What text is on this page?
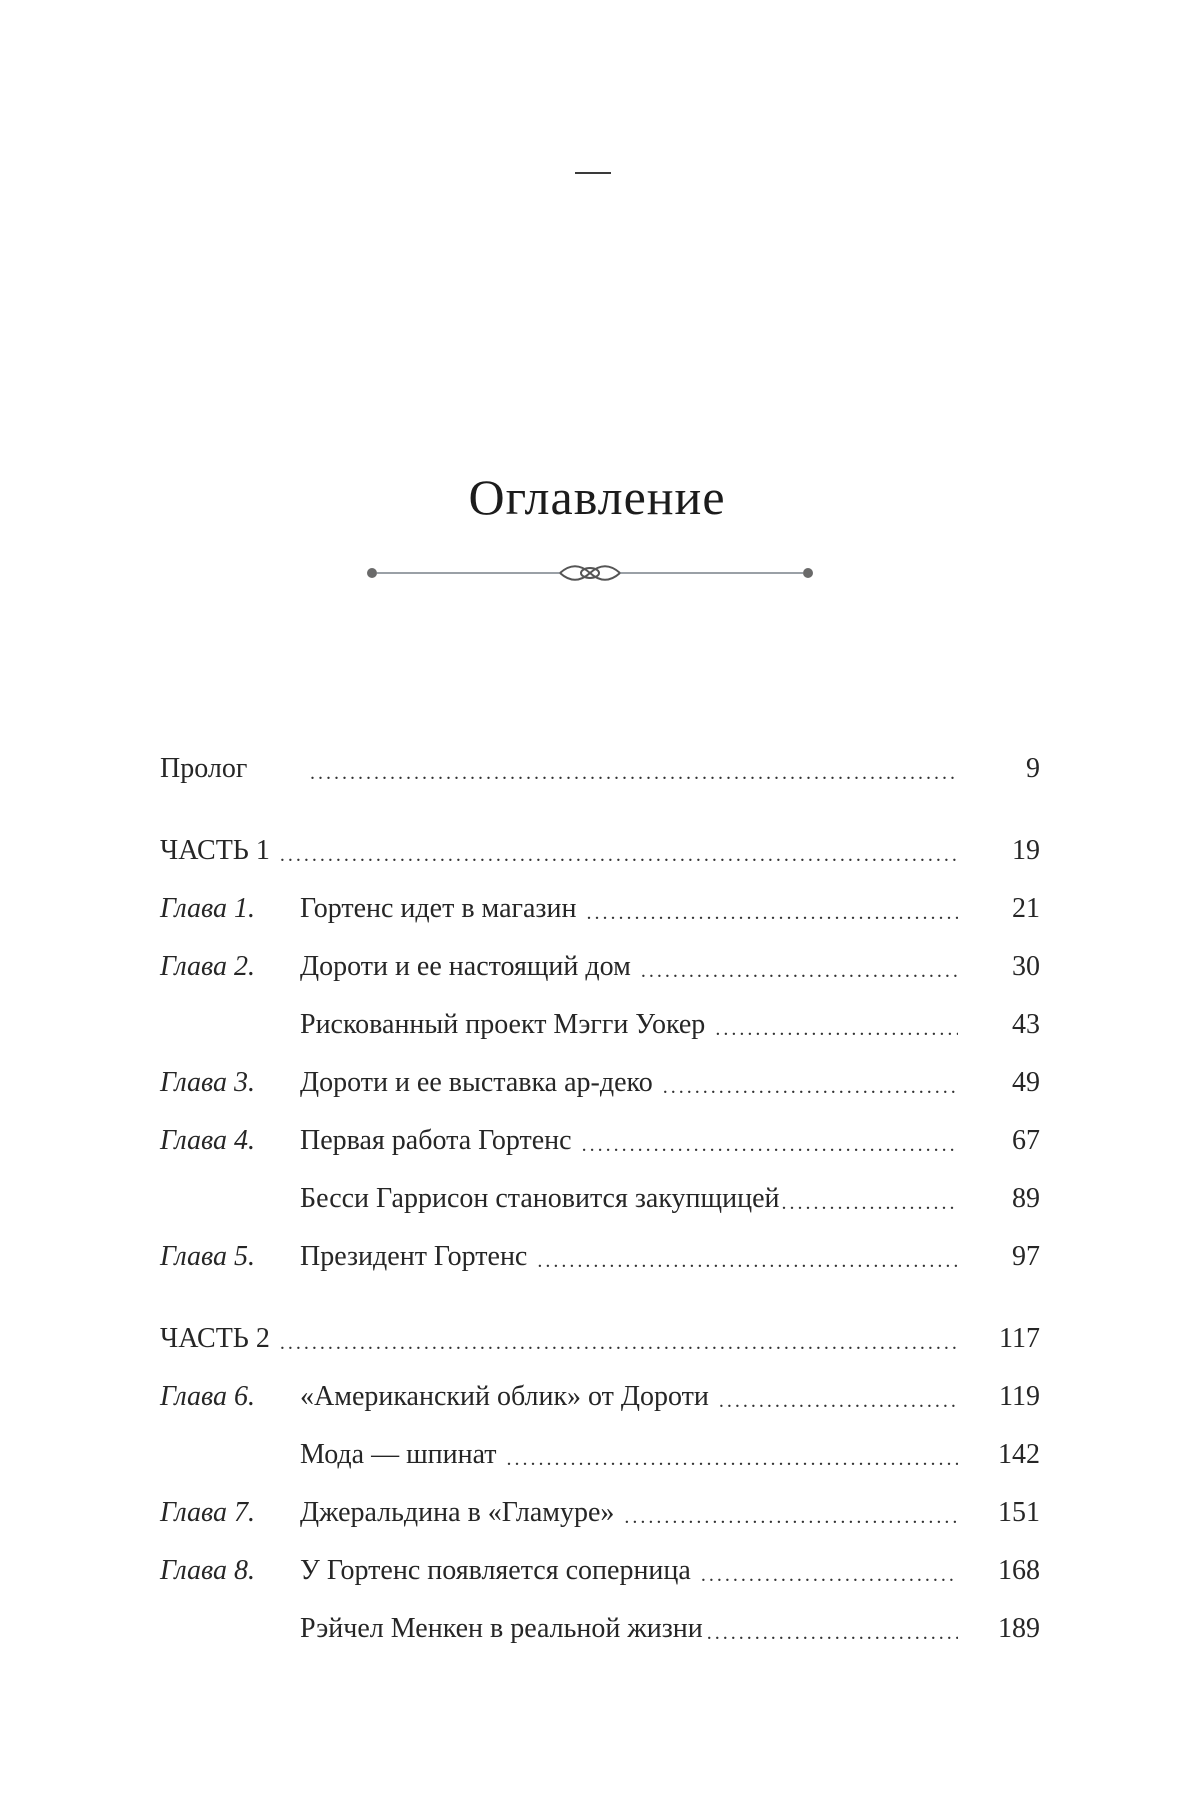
Оглавление
Пролог .....	9
ЧАСТЬ 1 .....	19
Глава 1.	Гортенс идет в магазин .....	21
Глава 2.	Дороти и ее настоящий дом .....	30
Рискованный проект Мэгги Уокер .....	43
Глава 3.	Дороти и ее выставка ар-деко .....	49
Глава 4.	Первая работа Гортенс .....	67
Бесси Гаррисон становится закупщицей .....	89
Глава 5.	Президент Гортенс .....	97
ЧАСТЬ 2 .....	117
Глава 6.	«Американский облик» от Дороти .....	119
Мода — шпинат .....	142
Глава 7.	Джеральдина в «Гламуре» .....	151
Глава 8.	У Гортенс появляется соперница .....	168
Рэйчел Менкен в реальной жизни .....	189
